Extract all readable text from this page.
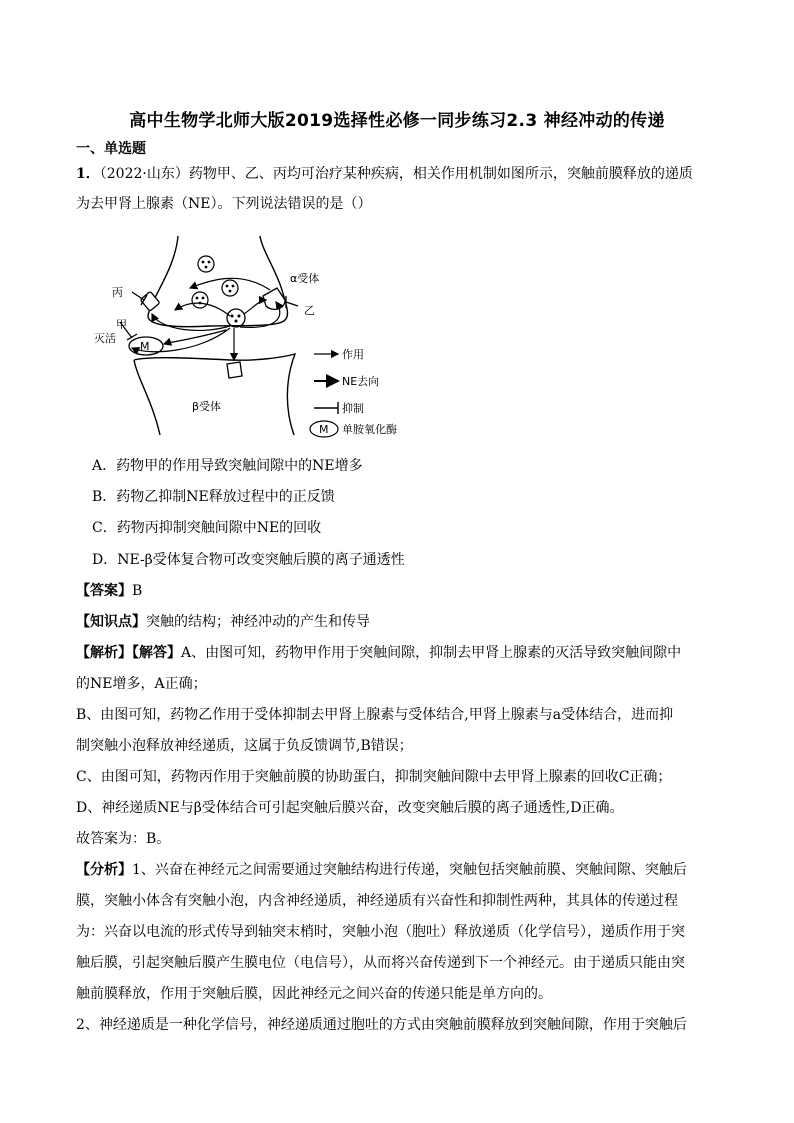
高中生物学北师大版2019选择性必修一同步练习2.3 神经冲动的传递
一、单选题
1．（2022·山东）药物甲、乙、丙均可治疗某种疾病，相关作用机制如图所示，突触前膜释放的递质
为去甲肾上腺素（NE）。下列说法错误的是（）
M
丙
甲
灭活
α受体
乙
β受体
作用
NE去向
抑制
M 单胺氧化酶
A．药物甲的作用导致突触间隙中的NE增多
B．药物乙抑制NE释放过程中的正反馈
C．药物丙抑制突触间隙中NE的回收
D．NE-β受体复合物可改变突触后膜的离子通透性
【答案】B
【知识点】突触的结构；神经冲动的产生和传导
【解析】【解答】A、由图可知，药物甲作用于突触间隙，抑制去甲肾上腺素的灭活导致突触间隙中
的NE增多，A正确；
B、由图可知，药物乙作用于受体抑制去甲肾上腺素与受体结合,甲肾上腺素与a受体结合，进而抑
制突触小泡释放神经递质，这属于负反馈调节,B错误；
C、由图可知，药物丙作用于突触前膜的协助蛋白，抑制突触间隙中去甲肾上腺素的回收C正确；
D、神经递质NE与β受体结合可引起突触后膜兴奋，改变突触后膜的离子通透性,D正确。
故答案为：B。
【分析】1、兴奋在神经元之间需要通过突触结构进行传递，突触包括突触前膜、突触间隙、突触后
膜，突触小体含有突触小泡，内含神经递质，神经递质有兴奋性和抑制性两种，其具体的传递过程
为：兴奋以电流的形式传导到轴突末梢时，突触小泡（胞吐）释放递质（化学信号），递质作用于突
触后膜，引起突触后膜产生膜电位（电信号），从而将兴奋传递到下一个神经元。由于递质只能由突
触前膜释放，作用于突触后膜，因此神经元之间兴奋的传递只能是单方向的。
2、神经递质是一种化学信号，神经递质通过胞吐的方式由突触前膜释放到突触间隙，作用于突触后
